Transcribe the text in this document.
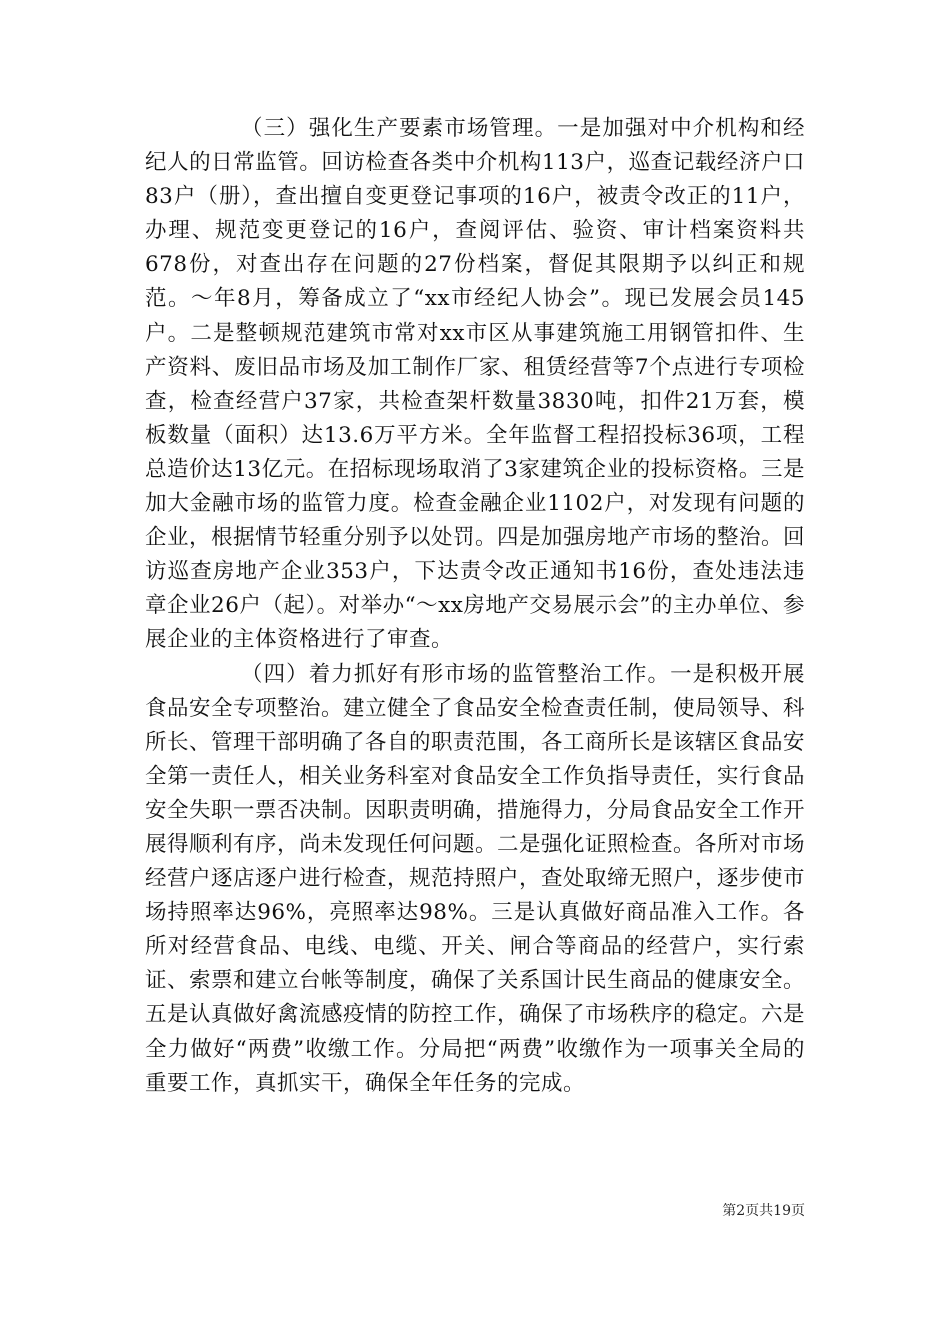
（三）强化生产要素市场管理。一是加强对中介机构和经纪人的日常监管。回访检查各类中介机构113户，巡查记载经济户口83户（册），查出擅自变更登记事项的16户，被责令改正的11户，办理、规范变更登记的16户，查阅评估、验资、审计档案资料共678份，对查出存在问题的27份档案，督促其限期予以纠正和规范。～年8月，筹备成立了“xx市经纪人协会”。现已发展会员145户。二是整顿规范建筑市常对xx市区从事建筑施工用钢管扣件、生产资料、废旧品市场及加工制作厂家、租赁经营等7个点进行专项检查，检查经营户37家，共检查架杆数量3830吨，扣件21万套，模板数量（面积）达13.6万平方米。全年监督工程招投标36项，工程总造价达13亿元。在招标现场取消了3家建筑企业的投标资格。三是加大金融市场的监管力度。检查金融企业1102户，对发现有问题的企业，根据情节轻重分别予以处罚。四是加强房地产市场的整治。回访巡查房地产企业353户，下达责令改正通知书16份，查处违法违章企业26户（起）。对举办“～xx房地产交易展示会”的主办单位、参展企业的主体资格进行了审查。

（四）着力抓好有形市场的监管整治工作。一是积极开展食品安全专项整治。建立健全了食品安全检查责任制，使局领导、科所长、管理干部明确了各自的职责范围，各工商所长是该辖区食品安全第一责任人，相关业务科室对食品安全工作负指导责任，实行食品安全失职一票否决制。因职责明确，措施得力，分局食品安全工作开展得顺利有序，尚未发现任何问题。二是强化证照检查。各所对市场经营户逐店逐户进行检查，规范持照户，查处取缔无照户，逐步使市场持照率达96%，亮照率达98%。三是认真做好商品准入工作。各所对经营食品、电线、电缆、开关、闸合等商品的经营户，实行索证、索票和建立台帐等制度，确保了关系国计民生商品的健康安全。五是认真做好禽流感疫情的防控工作，确保了市场秩序的稳定。六是全力做好“两费”收缴工作。分局把“两费”收缴作为一项事关全局的重要工作，真抓实干，确保全年任务的完成。

第2页共19页
